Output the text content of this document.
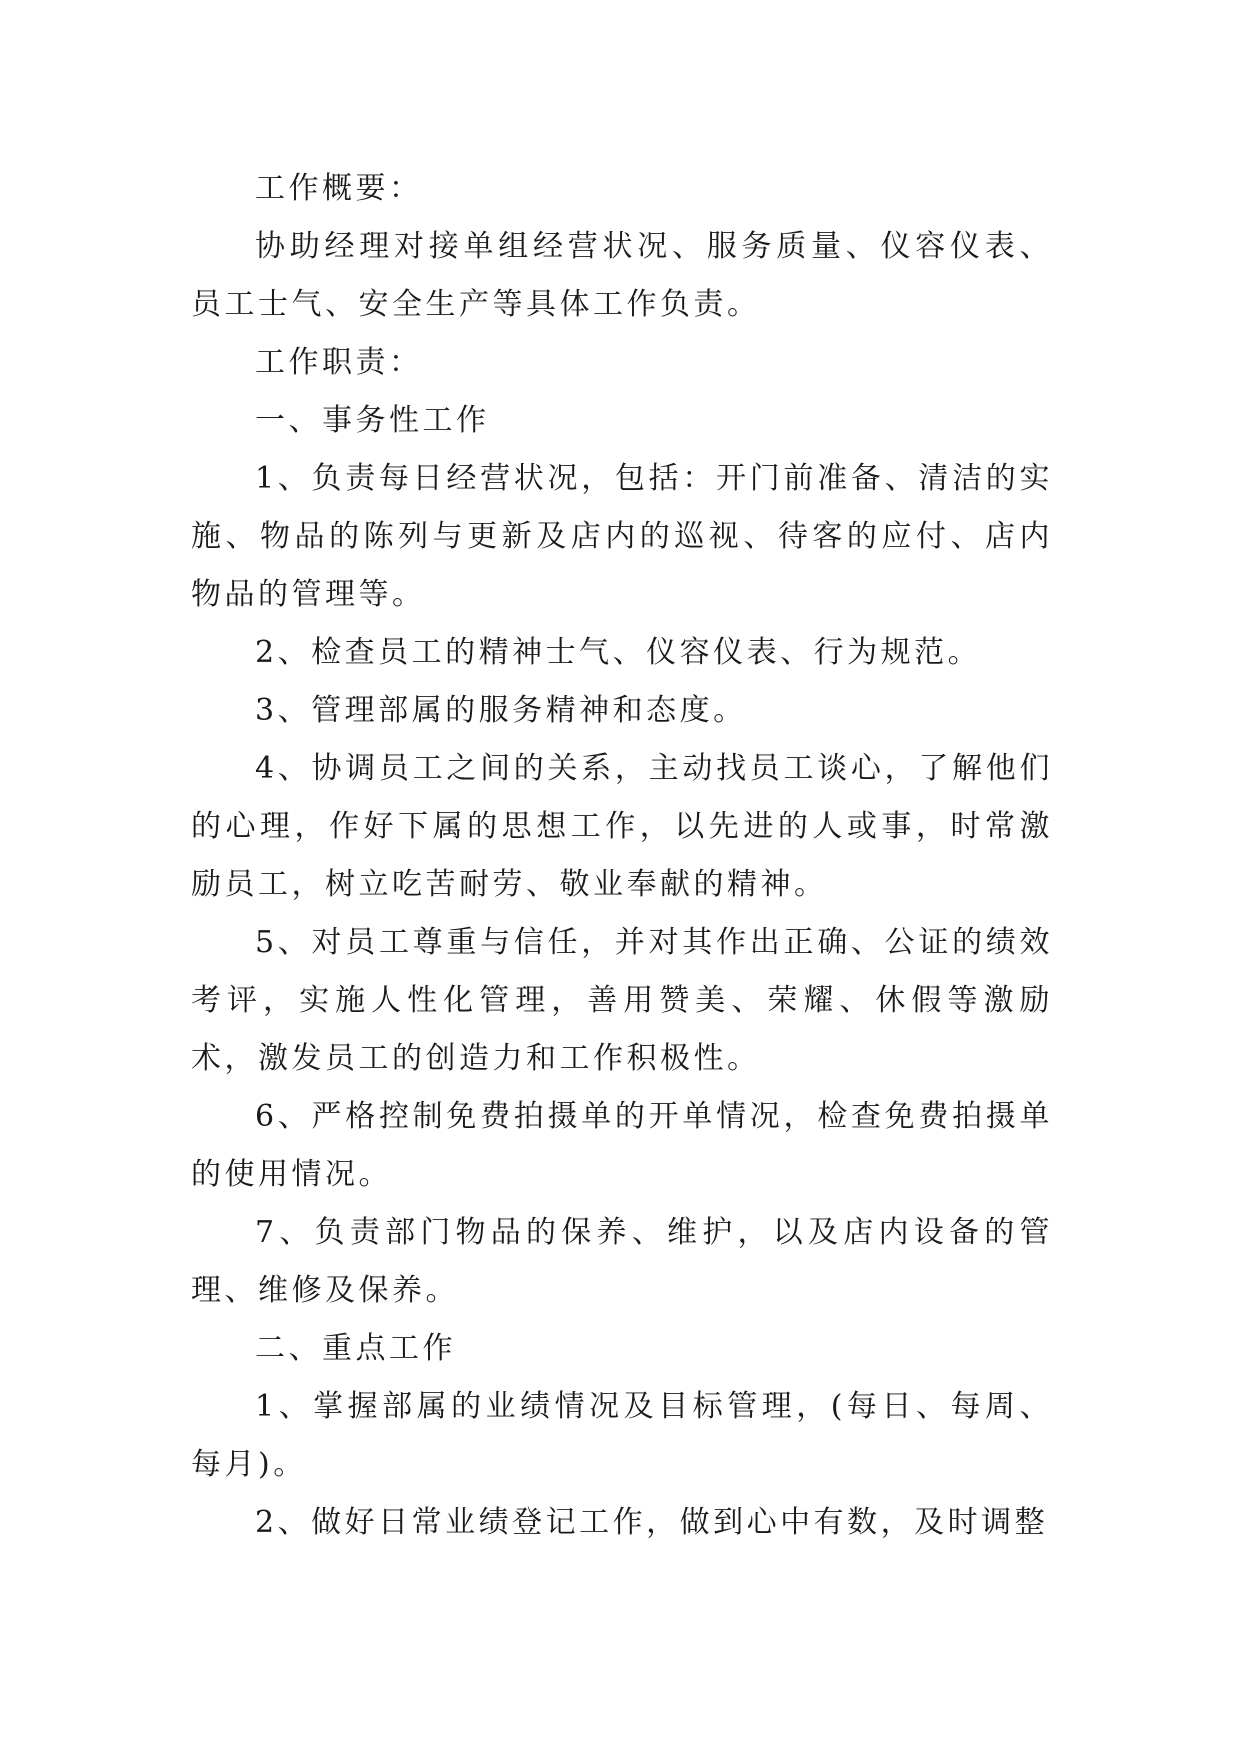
工作概要：

协助经理对接单组经营状况、服务质量、仪容仪表、员工士气、安全生产等具体工作负责。

工作职责：

一、事务性工作

1、负责每日经营状况，包括：开门前准备、清洁的实施、物品的陈列与更新及店内的巡视、待客的应付、店内物品的管理等。

2、检查员工的精神士气、仪容仪表、行为规范。

3、管理部属的服务精神和态度。

4、协调员工之间的关系，主动找员工谈心，了解他们的心理，作好下属的思想工作，以先进的人或事，时常激励员工，树立吃苦耐劳、敬业奉献的精神。

5、对员工尊重与信任，并对其作出正确、公证的绩效考评，实施人性化管理，善用赞美、荣耀、休假等激励术，激发员工的创造力和工作积极性。

6、严格控制免费拍摄单的开单情况，检查免费拍摄单的使用情况。

7、负责部门物品的保养、维护，以及店内设备的管理、维修及保养。

二、重点工作

1、掌握部属的业绩情况及目标管理，(每日、每周、每月)。

2、做好日常业绩登记工作，做到心中有数，及时调整
